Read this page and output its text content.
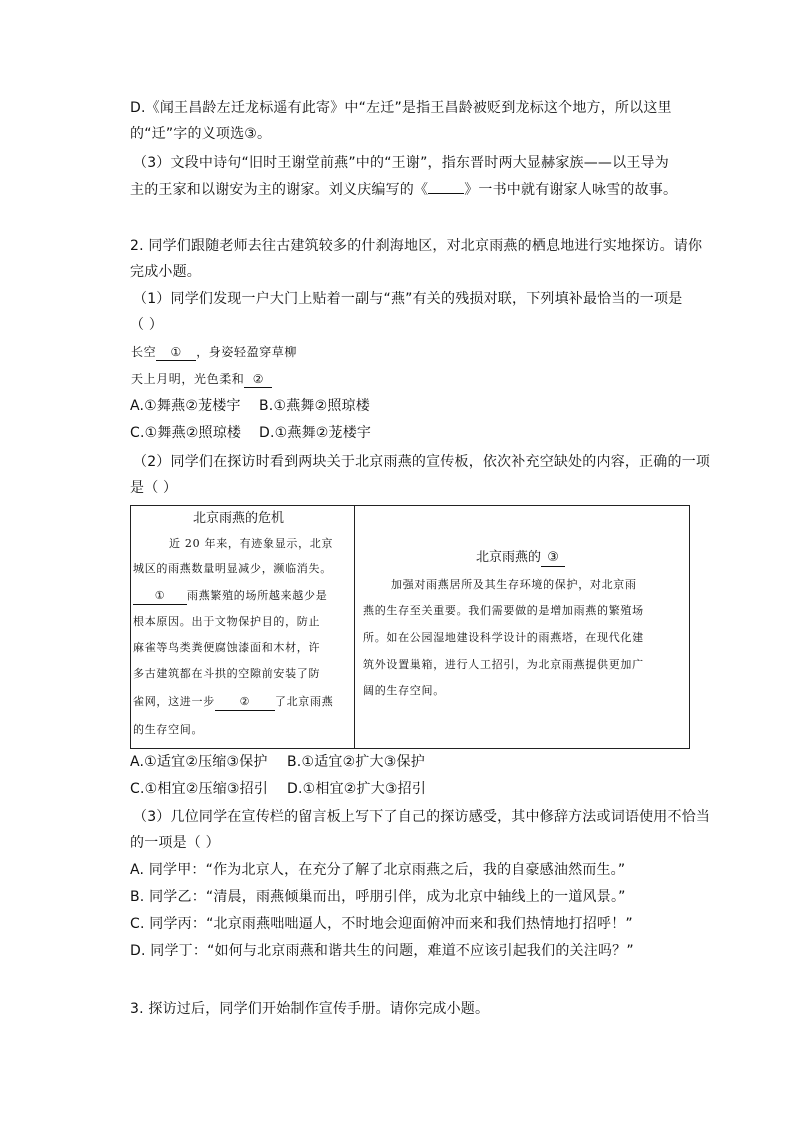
D.《闻王昌龄左迁龙标遥有此寄》中“左迁”是指王昌龄被贬到龙标这个地方，所以这里
的“迁”字的义项选③。
（3）文段中诗句“旧时王谢堂前燕”中的“王谢”，指东晋时两大显赫家族——以王导为
主的王家和以谢安为主的谢家。刘义庆编写的《	》一书中就有谢家人咏雪的故事。
2. 同学们跟随老师去往古建筑较多的什刹海地区，对北京雨燕的栖息地进行实地探访。请你
完成小题。
（1）同学们发现一户大门上贴着一副与“燕”有关的残损对联，下列填补最恰当的一项是
（ ）
长空 ① ，身姿轻盈穿草柳
天上月明，光色柔和 ②
A.①舞燕②茏楼宇 B.①燕舞②照琼楼
C.①舞燕②照琼楼 D.①燕舞②茏楼宇
（2）同学们在探访时看到两块关于北京雨燕的宣传板，依次补充空缺处的内容，正确的一项
是（ ）
北京雨燕的危机
近 20 年来，有迹象显示，北京
城区的雨燕数量明显减少，濒临消失。
① 雨燕繁殖的场所越来越少是
根本原因。出于文物保护目的，防止
麻雀等鸟类粪便腐蚀漆面和木材，许
多古建筑都在斗拱的空隙前安装了防
雀网，这进一步 ② 了北京雨燕
的生存空间。
北京雨燕的 ③
加强对雨燕居所及其生存环境的保护，对北京雨
燕的生存至关重要。我们需要做的是增加雨燕的繁殖场
所。如在公园湿地建设科学设计的雨燕塔，在现代化建
筑外设置巢箱，进行人工招引，为北京雨燕提供更加广
阔的生存空间。
A.①适宜②压缩③保护 B.①适宜②扩大③保护
C.①相宜②压缩③招引 D.①相宜②扩大③招引
（3）几位同学在宣传栏的留言板上写下了自己的探访感受，其中修辞方法或词语使用不恰当
的一项是（ ）
A. 同学甲：“作为北京人，在充分了解了北京雨燕之后，我的自豪感油然而生。”
B. 同学乙：“清晨，雨燕倾巢而出，呼朋引伴，成为北京中轴线上的一道风景。”
C. 同学丙：“北京雨燕咄咄逼人，不时地会迎面俯冲而来和我们热情地打招呼！”
D. 同学丁：“如何与北京雨燕和谐共生的问题，难道不应该引起我们的关注吗？”
3. 探访过后，同学们开始制作宣传手册。请你完成小题。
